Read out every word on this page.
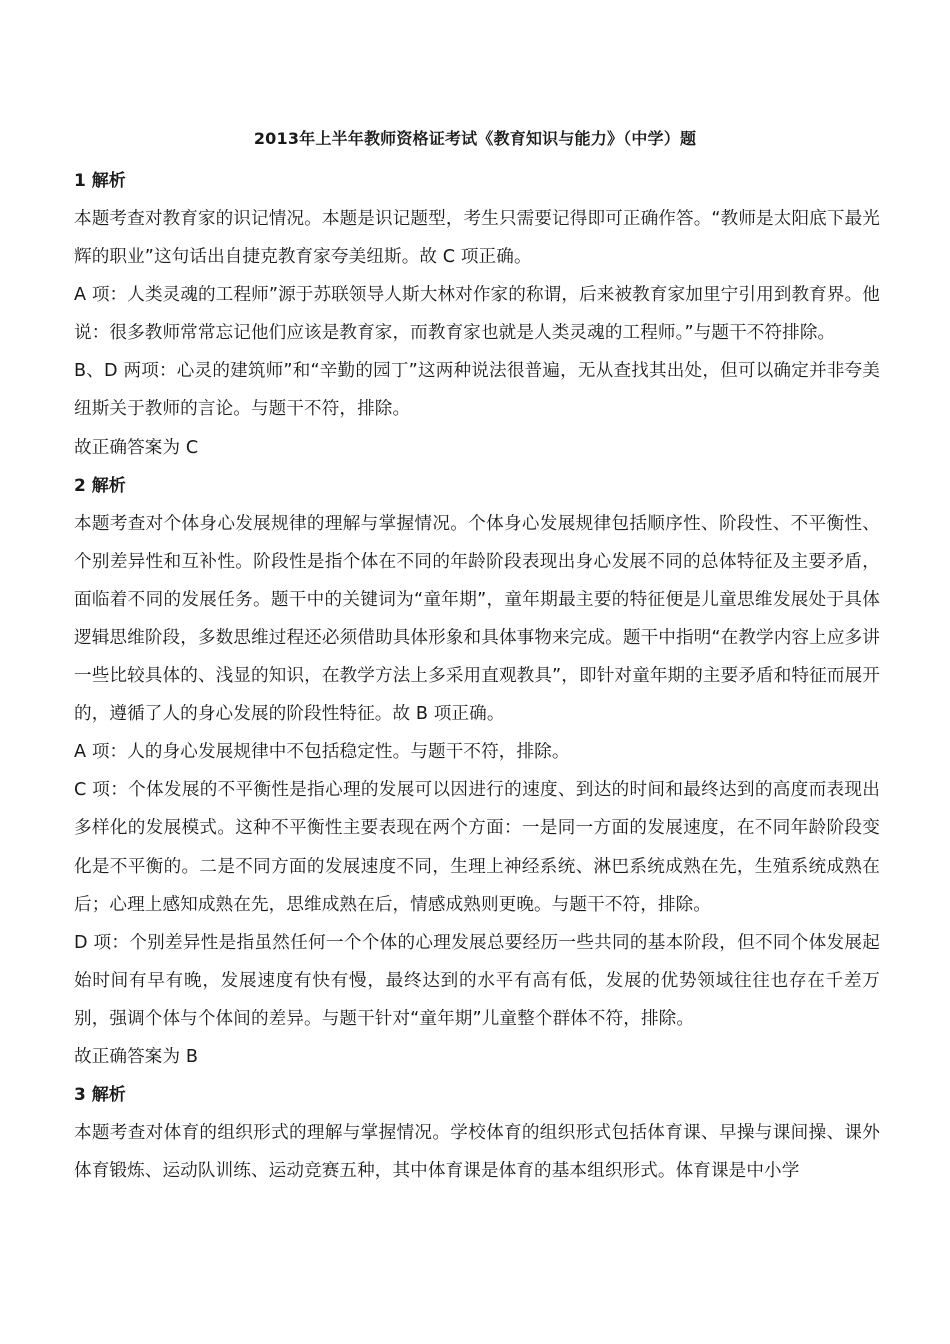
2013年上半年教师资格证考试《教育知识与能力》（中学）题
1 解析

本题考查对教育家的识记情况。本题是识记题型，考生只需要记得即可正确作答。“教师是太阳底下最光辉的职业”这句话出自捷克教育家夸美纽斯。故 C 项正确。

A 项：人类灵魂的工程师”源于苏联领导人斯大林对作家的称谓，后来被教育家加里宁引用到教育界。他说：很多教师常常忘记他们应该是教育家，而教育家也就是人类灵魂的工程师。”与题干不符排除。

B、D 两项：心灵的建筑师”和“辛勤的园丁”这两种说法很普遍，无从查找其出处，但可以确定并非夸美纽斯关于教师的言论。与题干不符，排除。

故正确答案为 C

2 解析

本题考查对个体身心发展规律的理解与掌握情况。个体身心发展规律包括顺序性、阶段性、不平衡性、个别差异性和互补性。阶段性是指个体在不同的年龄阶段表现出身心发展不同的总体特征及主要矛盾，面临着不同的发展任务。题干中的关键词为“童年期”，童年期最主要的特征便是儿童思维发展处于具体逻辑思维阶段，多数思维过程还必须借助具体形象和具体事物来完成。题干中指明“在教学内容上应多讲一些比较具体的、浅显的知识，在教学方法上多采用直观教具”，即针对童年期的主要矛盾和特征而展开的，遵循了人的身心发展的阶段性特征。故 B 项正确。

A 项：人的身心发展规律中不包括稳定性。与题干不符，排除。

C 项：个体发展的不平衡性是指心理的发展可以因进行的速度、到达的时间和最终达到的高度而表现出多样化的发展模式。这种不平衡性主要表现在两个方面：一是同一方面的发展速度，在不同年龄阶段变化是不平衡的。二是不同方面的发展速度不同，生理上神经系统、淋巴系统成熟在先，生殖系统成熟在后；心理上感知成熟在先，思维成熟在后，情感成熟则更晚。与题干不符，排除。

D 项：个别差异性是指虽然任何一个个体的心理发展总要经历一些共同的基本阶段，但不同个体发展起始时间有早有晚，发展速度有快有慢，最终达到的水平有高有低，发展的优势领域往往也存在千差万别，强调个体与个体间的差异。与题干针对“童年期”儿童整个群体不符，排除。

故正确答案为 B

3 解析

本题考查对体育的组织形式的理解与掌握情况。学校体育的组织形式包括体育课、早操与课间操、课外体育锻炼、运动队训练、运动竞赛五种，其中体育课是体育的基本组织形式。体育课是中小学
